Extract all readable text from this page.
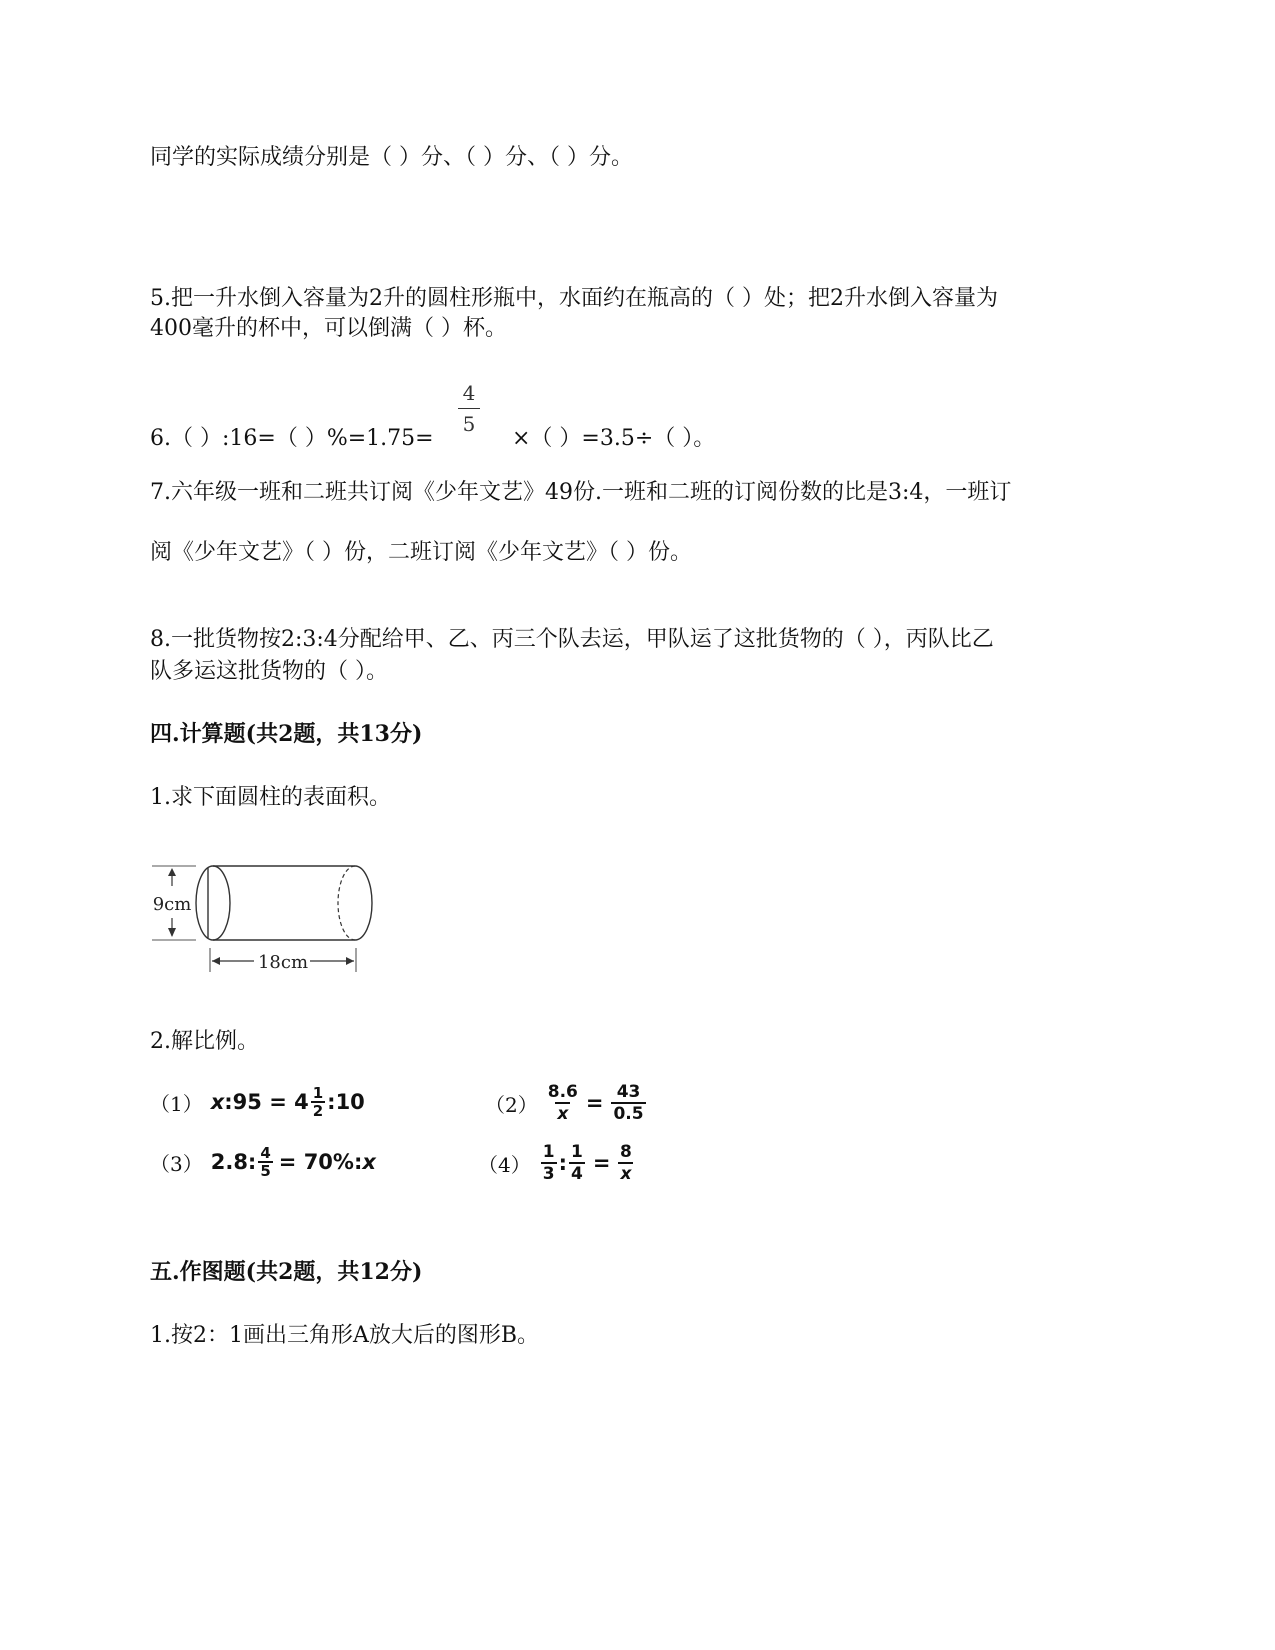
同学的实际成绩分别是（ ）分、（ ）分、（ ）分。
5.把一升水倒入容量为2升的圆柱形瓶中，水面约在瓶高的（ ）处；把2升水倒入容量为
400毫升的杯中，可以倒满（ ）杯。
6.（ ）:16=（ ）%=1.75=
4
5
×（ ）=3.5÷（ ）。
7.六年级一班和二班共订阅《少年文艺》49份.一班和二班的订阅份数的比是3:4，一班订
阅《少年文艺》（ ）份，二班订阅《少年文艺》（ ）份。
8.一批货物按2:3:4分配给甲、乙、丙三个队去运，甲队运了这批货物的（ ），丙队比乙
队多运这批货物的（ ）。
四.计算题(共2题，共13分)
1.求下面圆柱的表面积。
9cm
18cm
2.解比例。
（1） x :95 = $4 \frac{1}{2}$ :10	$(2) \frac{8.6}{x} = \frac{43}{0.5}$
（3） 2.8: $\frac{4}{5} = 70\%$: x	$(4) \frac{1}{3}$ : $\frac{1}{4} = \frac{8}{x}$
五.作图题(共2题，共12分)
1.按2：1画出三角形A放大后的图形B。
